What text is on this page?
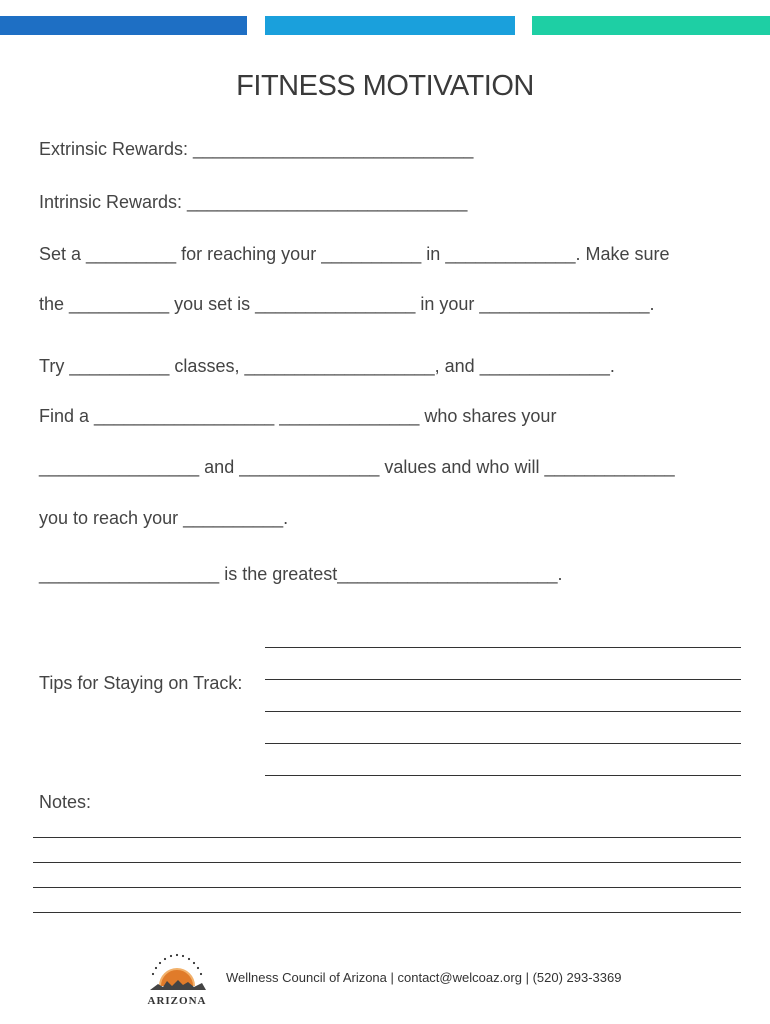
FITNESS MOTIVATION
Extrinsic Rewards: ____________________________
Intrinsic Rewards: ____________________________
Set a _________ for reaching your __________ in _____________. Make sure
the __________ you set is ________________ in your _________________.
Try __________ classes, ___________________, and _____________.
Find a __________________ ______________ who shares your
________________ and ______________ values and who will _____________
you to reach your __________.
__________________ is the greatest______________________.
Tips for Staying on Track:
Notes:
ARIZONA
Wellness Council of Arizona | contact@welcoaz.org | (520) 293-3369
